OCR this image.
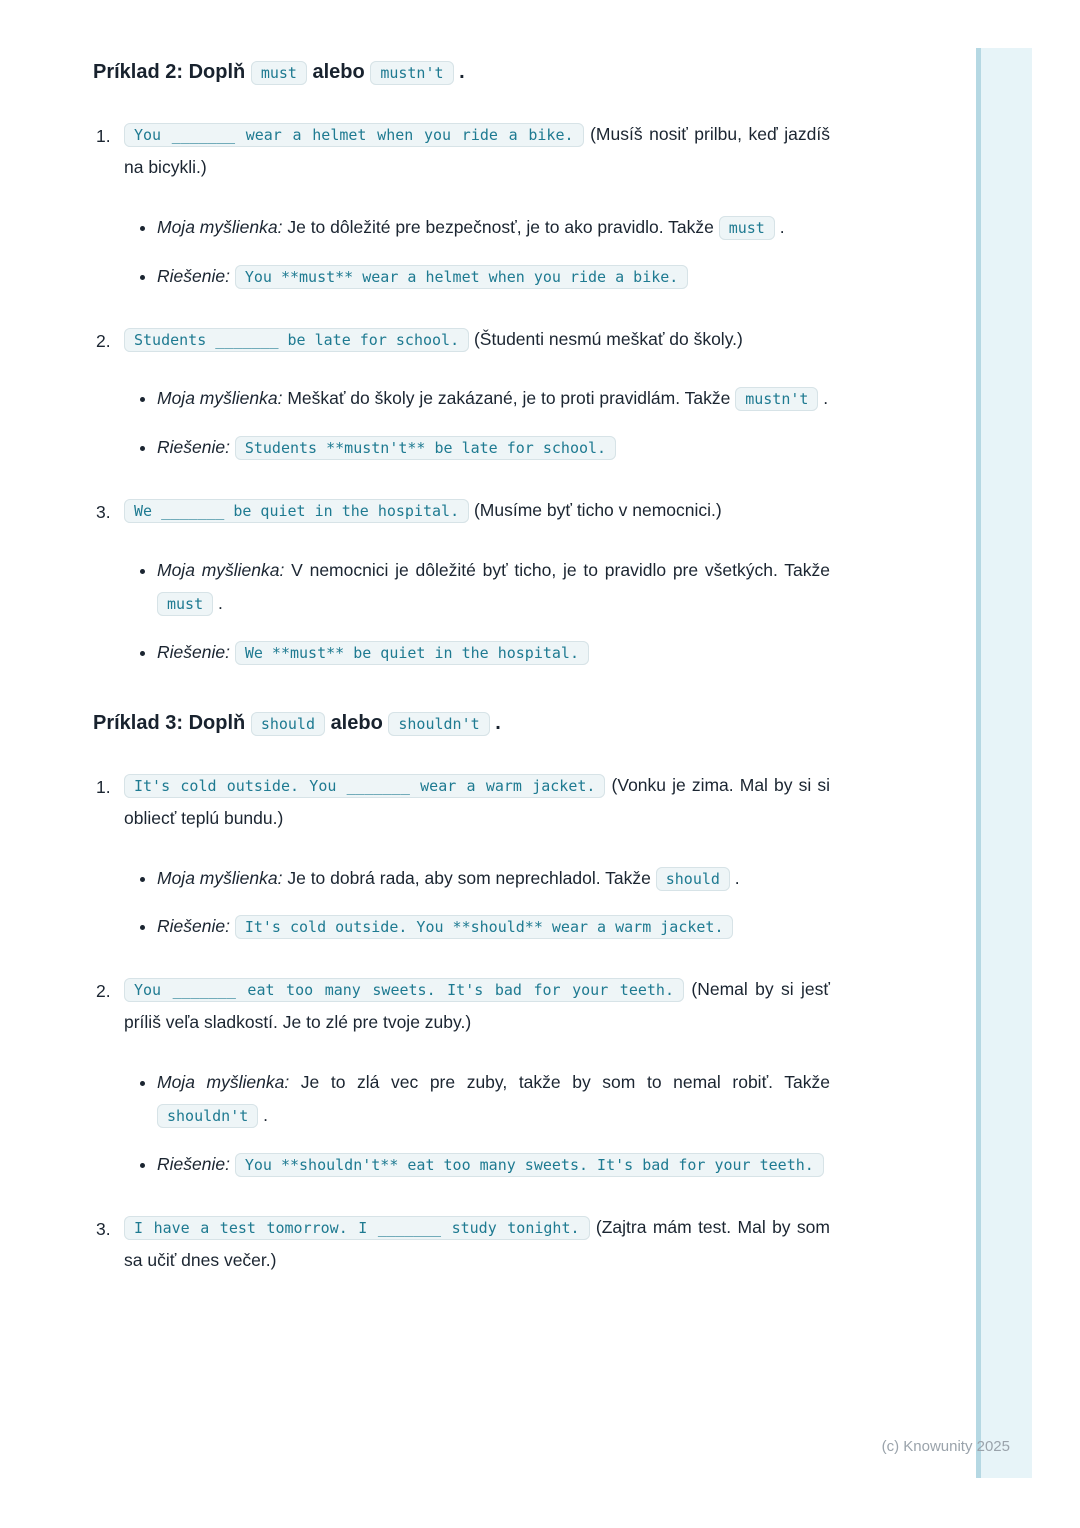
Príklad 2: Doplň must alebo mustn't .
1.	You _______ wear a helmet when you ride a bike. (Musíš nosiť prilbu, keď jazdíš na bicykli.)

• Moja myšlienka: Je to dôležité pre bezpečnosť, je to ako pravidlo. Takže must .
• Riešenie: You **must** wear a helmet when you ride a bike.
2.	Students _______ be late for school. (Študenti nesmú meškať do školy.)

• Moja myšlienka: Meškať do školy je zakázané, je to proti pravidlám. Takže mustn't .
• Riešenie: Students **mustn't** be late for school.
3.	We _______ be quiet in the hospital. (Musíme byť ticho v nemocnici.)

• Moja myšlienka: V nemocnici je dôležité byť ticho, je to pravidlo pre všetkých. Takže must .
• Riešenie: We **must** be quiet in the hospital.
Príklad 3: Doplň should alebo shouldn't .
1.	It's cold outside. You _______ wear a warm jacket. (Vonku je zima. Mal by si si obliecť teplú bundu.)

• Moja myšlienka: Je to dobrá rada, aby som neprechladol. Takže should .
• Riešenie: It's cold outside. You **should** wear a warm jacket.
2.	You _______ eat too many sweets. It's bad for your teeth. (Nemal by si jesť príliš veľa sladkostí. Je to zlé pre tvoje zuby.)

• Moja myšlienka: Je to zlá vec pre zuby, takže by som to nemal robiť. Takže shouldn't .
• Riešenie: You **shouldn't** eat too many sweets. It's bad for your teeth.
3.	I have a test tomorrow. I _______ study tonight. (Zajtra mám test. Mal by som sa učiť dnes večer.)

(c) Knowunity 2025
